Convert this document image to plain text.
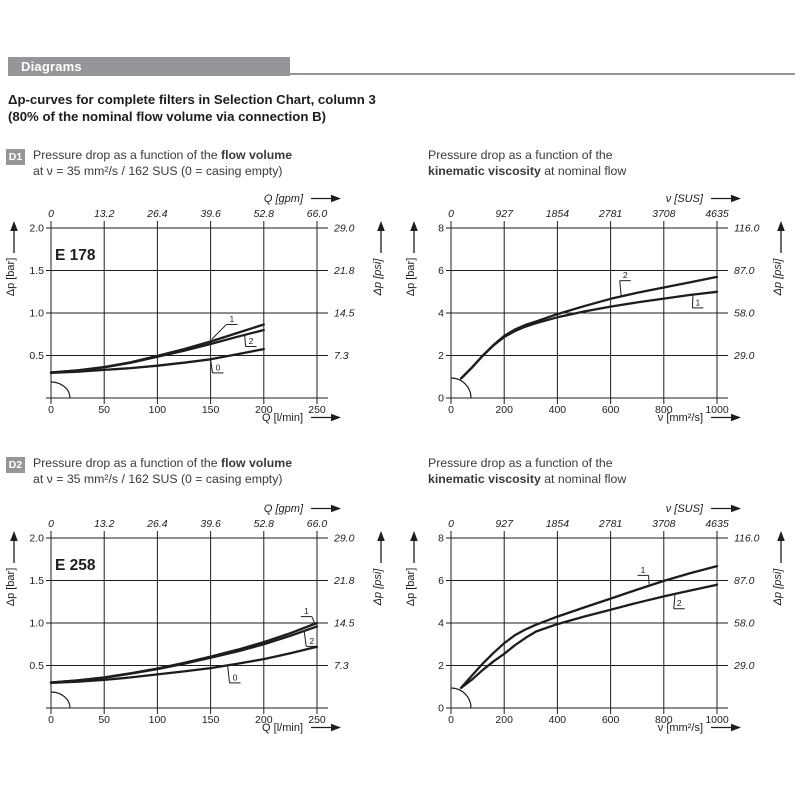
Diagrams
Δp-curves for complete filters in Selection Chart, column 3
(80% of the nominal flow volume via connection B)
D1 Pressure drop as a function of the flow volume
at ν = 35 mm²/s / 162 SUS (0 = casing empty)
Pressure drop as a function of the
kinematic viscosity at nominal flow
1
2
0
E 178
0	13.2	26.4	39.6	52.8	66.0
0	50	100	150	200	250
2.0
1.5
1.0
0.5
29.0
21.8
14.5
7.3
Q [gpm]
Q [l/min]
Δp [bar]	Δp [psi]	2
1
0	927	1854	2781	3708	4635
0	200	400	600	800	1000
8
6
4
2
0
116.0
87.0
58.0
29.0
ν [SUS]
ν [mm²/s]
Δp [bar]	Δp [psi]
D2 Pressure drop as a function of the flow volume
at ν = 35 mm²/s / 162 SUS (0 = casing empty)
Pressure drop as a function of the
kinematic viscosity at nominal flow
1
2
0
E 258
0	13.2	26.4	39.6	52.8	66.0
0	50	100	150	200	250
2.0
1.5
1.0
0.5
29.0
21.8
14.5
7.3
Q [gpm]
Q [l/min]
Δp [bar]	Δp [psi]	1
2
0	927	1854	2781	3708	4635
0	200	400	600	800	1000
8
6
4
2
0
116.0
87.0
58.0
29.0
ν [SUS]
ν [mm²/s]
Δp [bar]	Δp [psi]
